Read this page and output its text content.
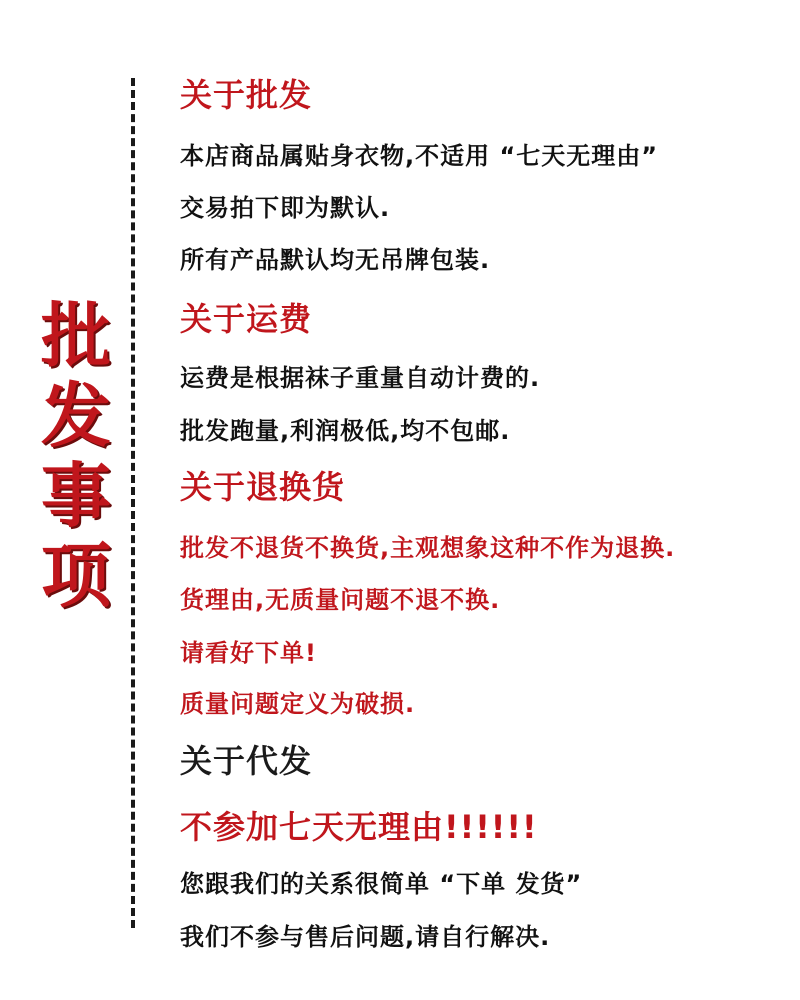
批
发
事
项
关于批发
本店商品属贴身衣物,不适用 “七天无理由”
交易拍下即为默认.
所有产品默认均无吊牌包装.
关于运费
运费是根据袜子重量自动计费的.
批发跑量,利润极低,均不包邮.
关于退换货
批发不退货不换货,主观想象这种不作为退换.
货理由,无质量问题不退不换.
请看好下单!
质量问题定义为破损.
关于代发
不参加七天无理由!!!!!!
您跟我们的关系很简单 “下单 发货”
我们不参与售后问题,请自行解决.
